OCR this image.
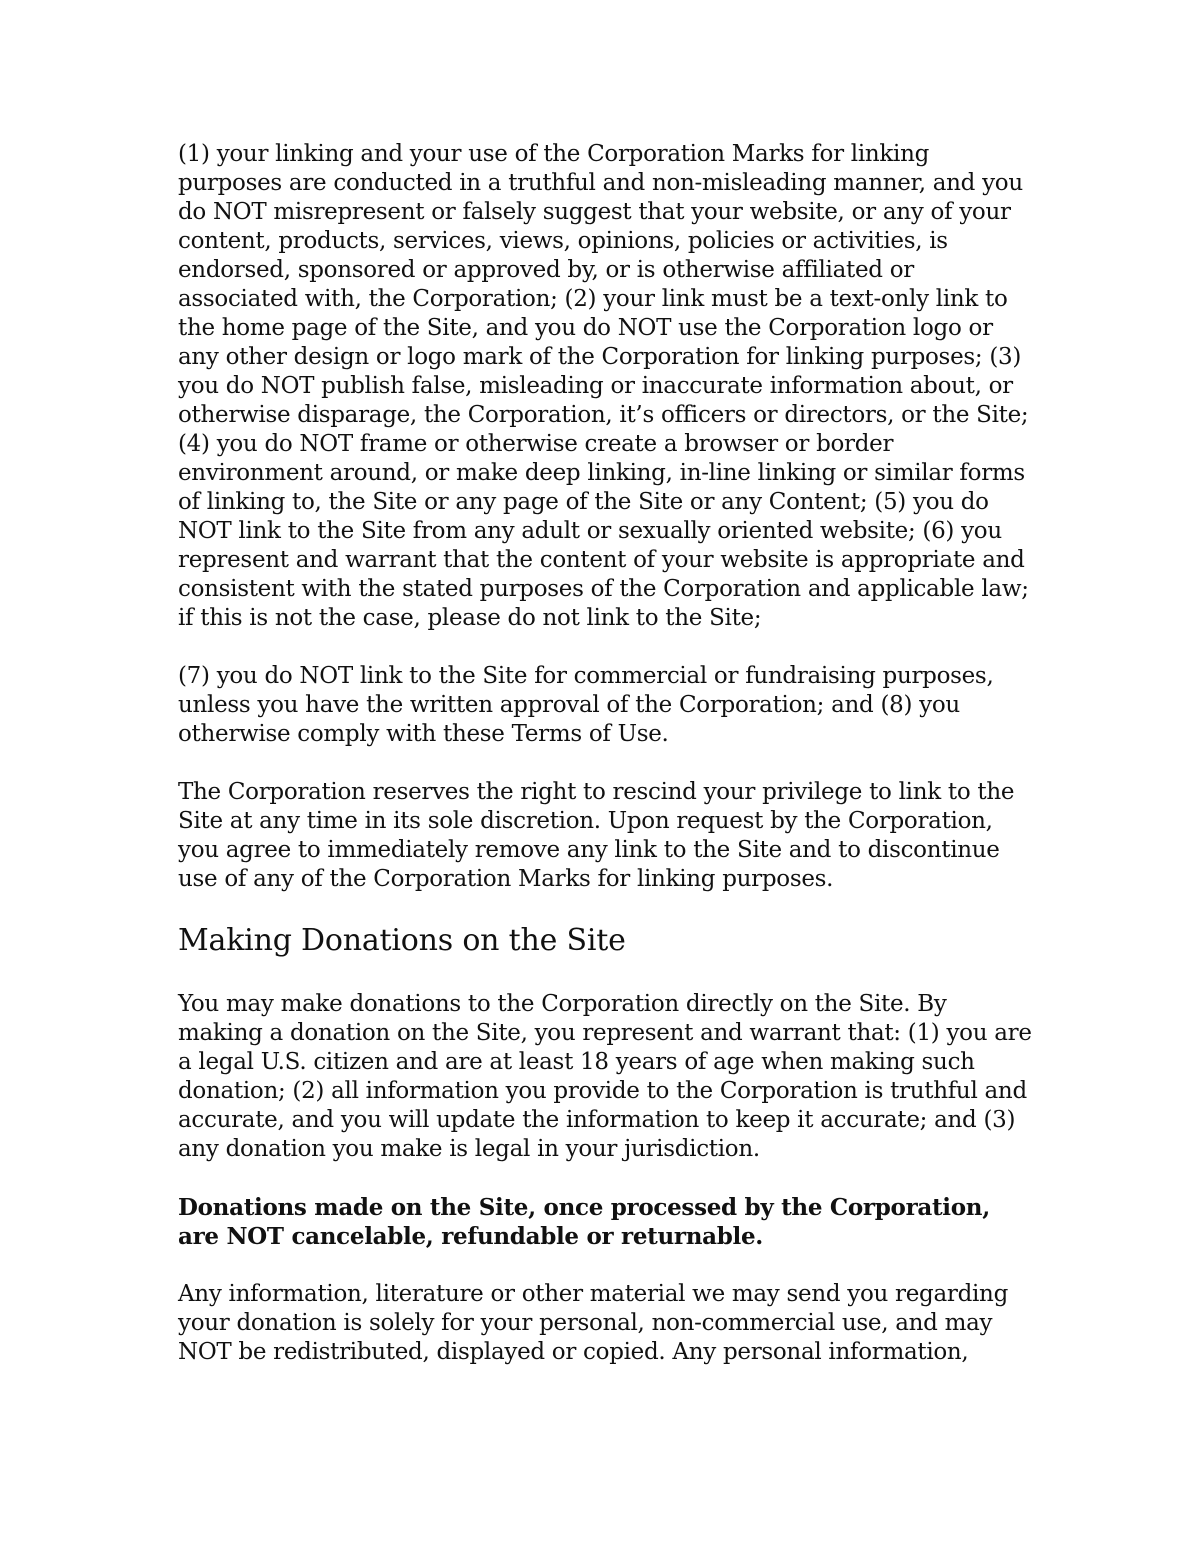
(1) your linking and your use of the Corporation Marks for linking purposes are conducted in a truthful and non-misleading manner, and you do NOT misrepresent or falsely suggest that your website, or any of your content, products, services, views, opinions, policies or activities, is endorsed, sponsored or approved by, or is otherwise affiliated or associated with, the Corporation; (2) your link must be a text-only link to the home page of the Site, and you do NOT use the Corporation logo or any other design or logo mark of the Corporation for linking purposes; (3) you do NOT publish false, misleading or inaccurate information about, or otherwise disparage, the Corporation, it’s officers or directors, or the Site; (4) you do NOT frame or otherwise create a browser or border environment around, or make deep linking, in-line linking or similar forms of linking to, the Site or any page of the Site or any Content; (5) you do NOT link to the Site from any adult or sexually oriented website; (6) you represent and warrant that the content of your website is appropriate and consistent with the stated purposes of the Corporation and applicable law; if this is not the case, please do not link to the Site;

(7) you do NOT link to the Site for commercial or fundraising purposes, unless you have the written approval of the Corporation; and (8) you otherwise comply with these Terms of Use.

The Corporation reserves the right to rescind your privilege to link to the Site at any time in its sole discretion. Upon request by the Corporation, you agree to immediately remove any link to the Site and to discontinue use of any of the Corporation Marks for linking purposes.

Making Donations on the Site

You may make donations to the Corporation directly on the Site. By making a donation on the Site, you represent and warrant that: (1) you are a legal U.S. citizen and are at least 18 years of age when making such donation; (2) all information you provide to the Corporation is truthful and accurate, and you will update the information to keep it accurate; and (3) any donation you make is legal in your jurisdiction.

Donations made on the Site, once processed by the Corporation, are NOT cancelable, refundable or returnable.

Any information, literature or other material we may send you regarding your donation is solely for your personal, non-commercial use, and may NOT be redistributed, displayed or copied. Any personal information,
